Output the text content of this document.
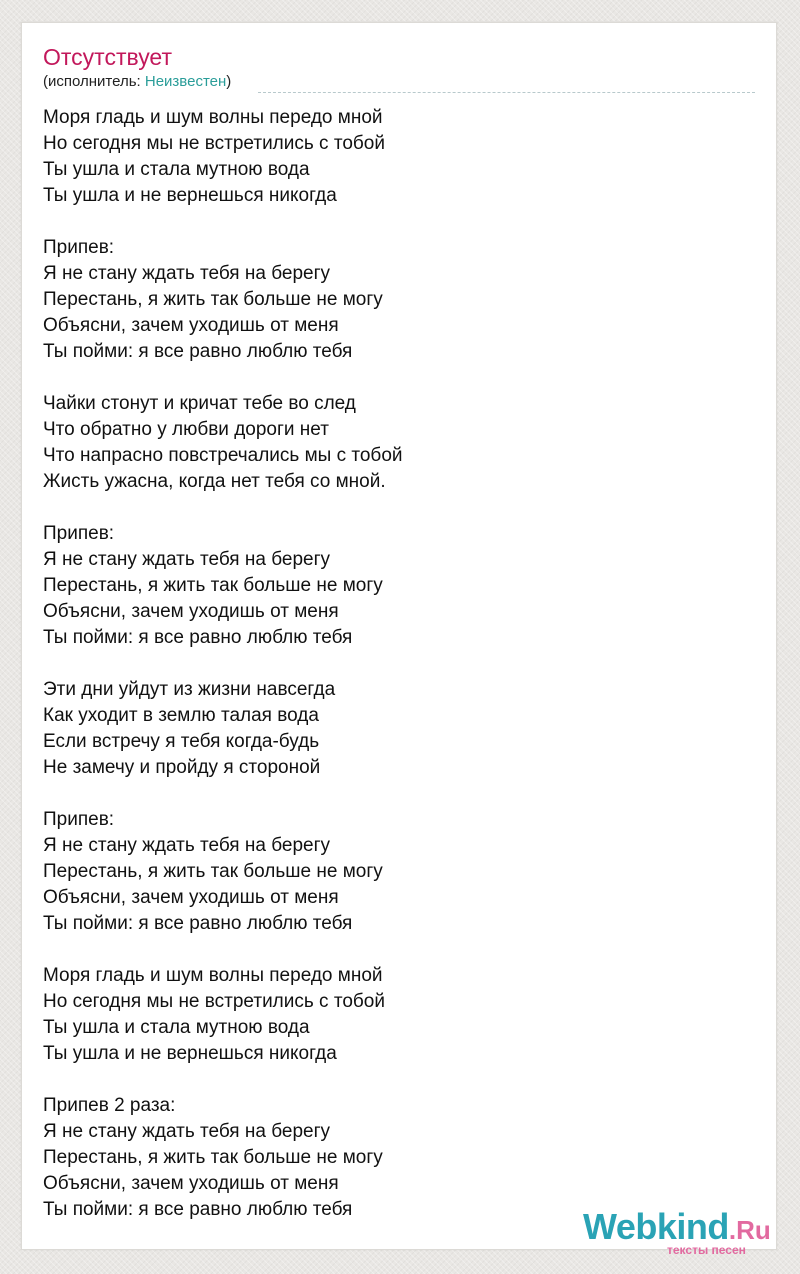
Отсутствует
(исполнитель: Неизвестен)
Моря гладь и шум волны передо мной
Но сегодня мы не встретились с тобой
Ты ушла и стала мутною вода
Ты ушла и не вернешься никогда
Припев:
Я не стану ждать тебя на берегу
Перестань, я жить так больше не могу
Объясни, зачем уходишь от меня
Ты пойми: я все равно люблю тебя
Чайки стонут и кричат тебе во след
Что обратно у любви дороги нет
Что напрасно повстречались мы с тобой
Жисть ужасна, когда нет тебя со мной.
Припев:
Я не стану ждать тебя на берегу
Перестань, я жить так больше не могу
Объясни, зачем уходишь от меня
Ты пойми: я все равно люблю тебя
Эти дни уйдут из жизни навсегда
Как уходит в землю талая вода
Если встречу я тебя когда-будь
Не замечу и пройду я стороной
Припев:
Я не стану ждать тебя на берегу
Перестань, я жить так больше не могу
Объясни, зачем уходишь от меня
Ты пойми: я все равно люблю тебя
Моря гладь и шум волны передо мной
Но сегодня мы не встретились с тобой
Ты ушла и стала мутною вода
Ты ушла и не вернешься никогда
Припев 2 раза:
Я не стану ждать тебя на берегу
Перестань, я жить так больше не могу
Объясни, зачем уходишь от меня
Ты пойми: я все равно люблю тебя	Webkind.Ru
тексты песен
